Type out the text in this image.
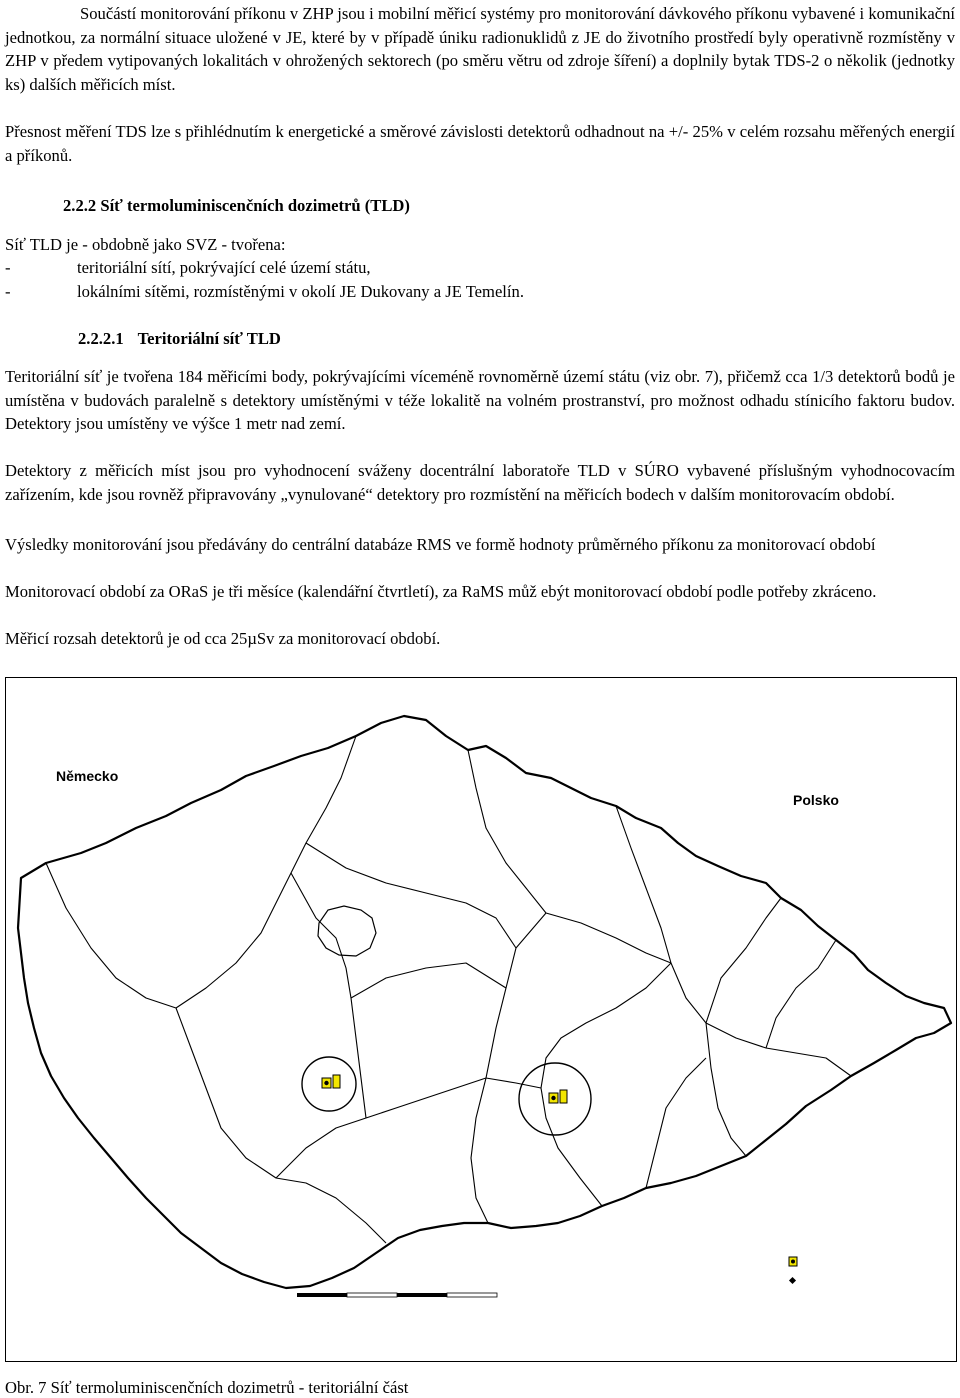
Součástí monitorování příkonu v ZHP jsou i mobilní měřicí systémy pro monitorování dávkového příkonu vybavené i komunikační jednotkou, za normální situace uložené v JE, které by v případě úniku radionuklidů z JE do životního prostředí byly operativně rozmístěny v ZHP v předem vytipovaných lokalitách v ohrožených sektorech (po směru větru od zdroje šíření) a doplnily bytak TDS-2 o několik (jednotky ks) dalších měřicích míst.

Přesnost měření TDS lze s přihlédnutím k energetické a směrové závislosti detektorů odhadnout na +/- 25% v celém rozsahu měřených energií a příkonů.

2.2.2 Síť termoluminiscenčních dozimetrů (TLD)

Síť TLD je - obdobně jako SVZ - tvořena:

-	teritoriální sítí, pokrývající celé území státu,

-	lokálními sítěmi, rozmístěnými v okolí JE Dukovany a JE Temelín.

2.2.2.1 Teritoriální síť TLD

Teritoriální síť je tvořena 184 měřicími body, pokrývajícími víceméně rovnoměrně území státu (viz obr. 7), přičemž cca 1/3 detektorů bodů je umístěna v budovách paralelně s detektory umístěnými v téže lokalitě na volném prostranství, pro možnost odhadu stínicího faktoru budov. Detektory jsou umístěny ve výšce 1 metr nad zemí.

Detektory z měřicích míst jsou pro vyhodnocení sváženy docentrální laboratoře TLD v SÚRO vybavené příslušným vyhodnocovacím zařízením, kde jsou rovněž připravovány „vynulované“ detektory pro rozmístění na měřicích bodech v dalším monitorovacím období.

Výsledky monitorování jsou předávány do centrální databáze RMS ve formě hodnoty průměrného příkonu za monitorovací období

Monitorovací období za ORaS je tři měsíce (kalendářní čtvrtletí), za RaMS můž ebýt monitorovací období podle potřeby zkráceno.

Měřicí rozsah detektorů je od cca 25µSv za monitorovací období.

Německo
Polsko

Obr. 7 Síť termoluminiscenčních dozimetrů - teritoriální část
